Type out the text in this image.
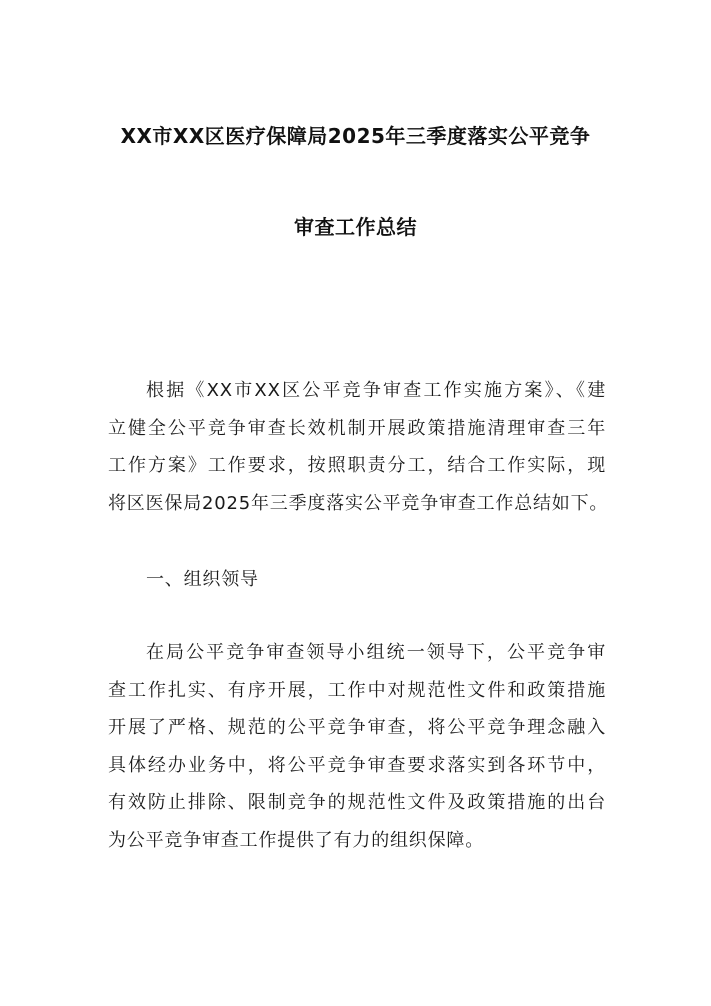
XX市XX区医疗保障局2025年三季度落实公平竞争
审查工作总结
根据《XX市XX区公平竞争审查工作实施方案》、《建
立健全公平竞争审查长效机制开展政策措施清理审查三年
工作方案》工作要求，按照职责分工，结合工作实际，现
将区医保局2025年三季度落实公平竞争审查工作总结如下。
一、组织领导
在局公平竞争审查领导小组统一领导下，公平竞争审
查工作扎实、有序开展，工作中对规范性文件和政策措施
开展了严格、规范的公平竞争审查，将公平竞争理念融入
具体经办业务中，将公平竞争审查要求落实到各环节中，
有效防止排除、限制竞争的规范性文件及政策措施的出台
为公平竞争审查工作提供了有力的组织保障。
